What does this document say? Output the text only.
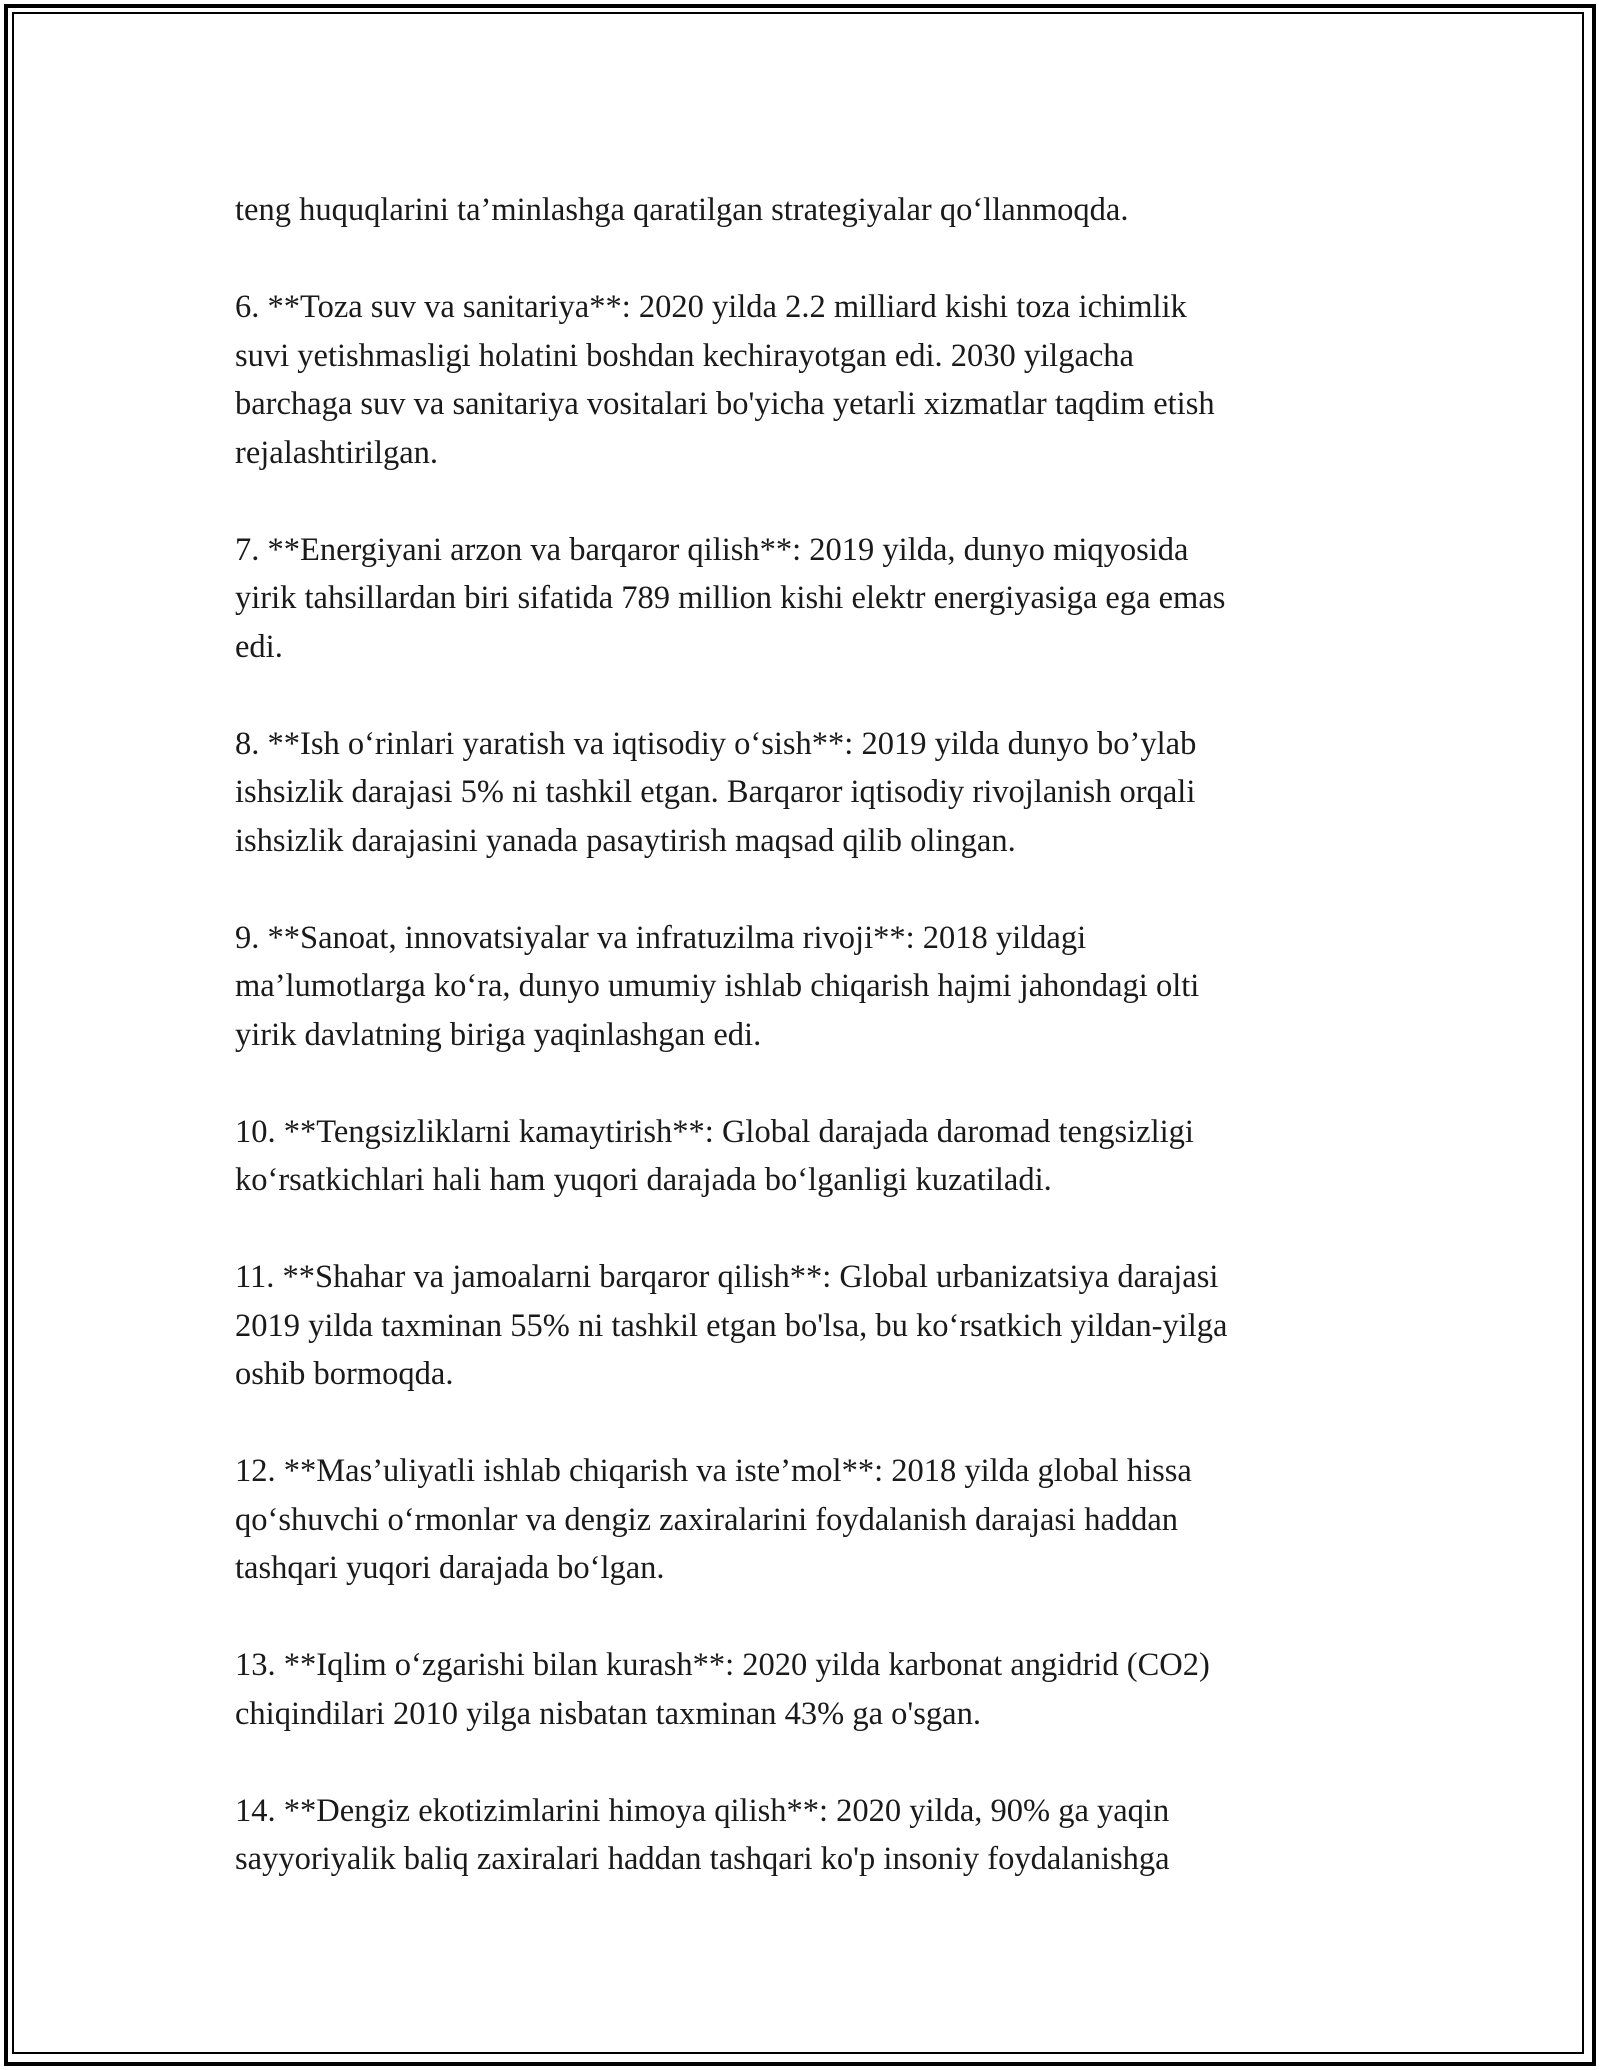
teng huquqlarini ta’minlashga qaratilgan strategiyalar qo‘llanmoqda.

6. **Toza suv va sanitariya**: 2020 yilda 2.2 milliard kishi toza ichimlik
suvi yetishmasligi holatini boshdan kechirayotgan edi. 2030 yilgacha
barchaga suv va sanitariya vositalari bo'yicha yetarli xizmatlar taqdim etish
rejalashtirilgan.

7. **Energiyani arzon va barqaror qilish**: 2019 yilda, dunyo miqyosida
yirik tahsillardan biri sifatida 789 million kishi elektr energiyasiga ega emas
edi.

8. **Ish o‘rinlari yaratish va iqtisodiy o‘sish**: 2019 yilda dunyo bo’ylab
ishsizlik darajasi 5% ni tashkil etgan. Barqaror iqtisodiy rivojlanish orqali
ishsizlik darajasini yanada pasaytirish maqsad qilib olingan.

9. **Sanoat, innovatsiyalar va infratuzilma rivoji**: 2018 yildagi
ma’lumotlarga ko‘ra, dunyo umumiy ishlab chiqarish hajmi jahondagi olti
yirik davlatning biriga yaqinlashgan edi.

10. **Tengsizliklarni kamaytirish**: Global darajada daromad tengsizligi
ko‘rsatkichlari hali ham yuqori darajada bo‘lganligi kuzatiladi.

11. **Shahar va jamoalarni barqaror qilish**: Global urbanizatsiya darajasi
2019 yilda taxminan 55% ni tashkil etgan bo'lsa, bu ko‘rsatkich yildan-yilga
oshib bormoqda.

12. **Mas’uliyatli ishlab chiqarish va iste’mol**: 2018 yilda global hissa
qo‘shuvchi o‘rmonlar va dengiz zaxiralarini foydalanish darajasi haddan
tashqari yuqori darajada bo‘lgan.

13. **Iqlim o‘zgarishi bilan kurash**: 2020 yilda karbonat angidrid (CO2)
chiqindilari 2010 yilga nisbatan taxminan 43% ga o'sgan.

14. **Dengiz ekotizimlarini himoya qilish**: 2020 yilda, 90% ga yaqin
sayyoriyalik baliq zaxiralari haddan tashqari ko'p insoniy foydalanishga
